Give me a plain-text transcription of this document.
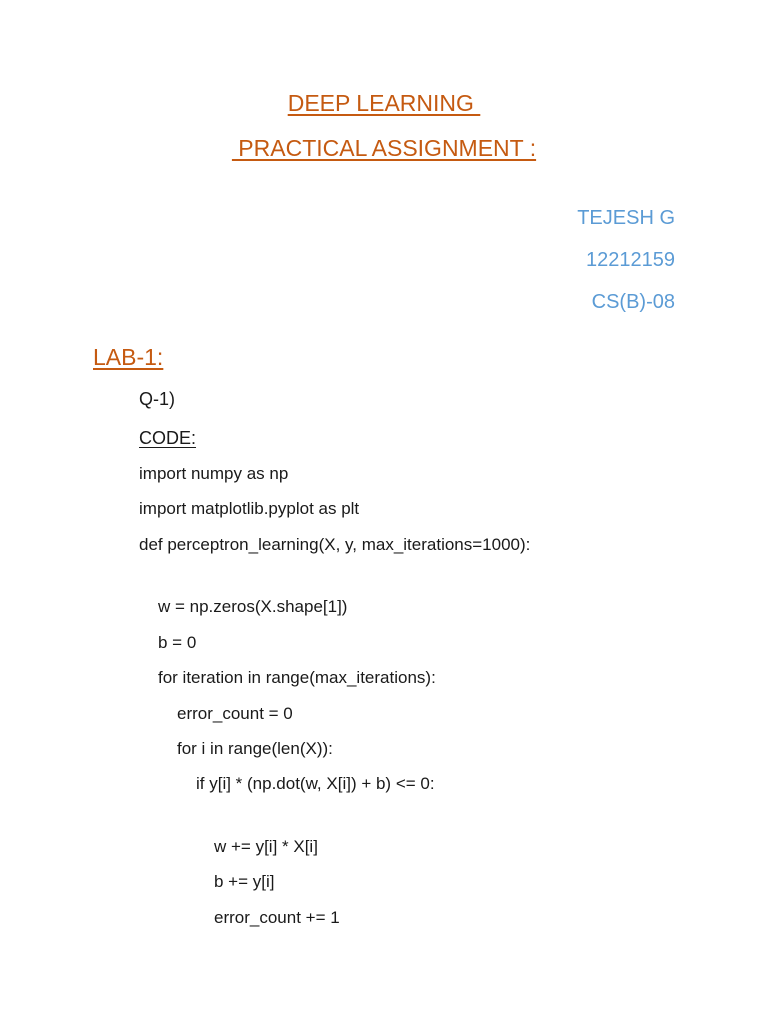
DEEP LEARNING
PRACTICAL ASSIGNMENT :
TEJESH G
12212159
CS(B)-08
LAB-1:
Q-1)
CODE:
import numpy as np
import matplotlib.pyplot as plt
def perceptron_learning(X, y, max_iterations=1000):
w = np.zeros(X.shape[1])
b = 0
for iteration in range(max_iterations):
error_count = 0
for i in range(len(X)):
if y[i] * (np.dot(w, X[i]) + b) <= 0:
w += y[i] * X[i]
b += y[i]
error_count += 1
